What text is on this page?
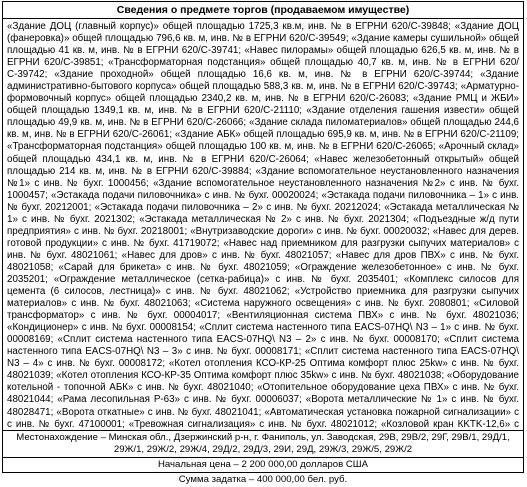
Сведения о предмете торгов (продаваемом имуществе)
«Здание ДОЦ (главный корпус)» общей площадью 1725,3 кв.м, инв. № в ЕГРНИ 620/С-39848; «Здание ДОЦ (фанеровка)» общей площадью 796,6 кв. м, инв. № в ЕГРНИ 620/С-39549; «Здание камеры сушильной» общей площадью 41 кв. м, инв. № в ЕГРНИ 620/С-39741; «Навес пилорамы» общей площадью 626,5 кв. м, инв. № в ЕГРНИ 620/С-39851; «Трансформаторная подстанция» общей площадью 40,7 кв. м, инв. № в ЕГРНИ 620/С-39742; «Здание проходной» общей площадью 16,6 кв. м, инв. № в ЕГРНИ 620/С-39744; «Здание административно-бытового корпуса» общей площадью 588,3 кв. м, инв. № в ЕГРНИ 620/С-39743; «Арматурно-формовочный корпус» общей площадью 2340,2 кв. м, инв. № в ЕГРНИ 620/С-26083; «Здание РМЦ и ЖБИ» общей площадью 1349,1 кв. м, инв. № в ЕГРНИ 620/С-21110; «Здание отделения гашения извести» общей площадью 49,9 кв. м, инв. № в ЕГРНИ 620/С-26066; «Здание склада пиломатериалов» общей площадью 244,6 кв. м, инв. № в ЕГРНИ 620/С-26061; «Здание АБК» общей площадью 695,9 кв. м, инв. № в ЕГРНИ 620/С-21109; «Трансформаторная подстанция» общей площадью 100 кв. м, инв. № в ЕГРНИ 620/С-26065; «Арочный склад» общей площадью 434,1 кв. м, инв. № в ЕГРНИ 620/С-26064; «Навес железобетонный открытый» общей площадью 214 кв. м, инв. № в ЕГРНИ 620/С-39884; «Здание вспомогательное неустановленного назначения №1» с инв. № бухг. 1000456; «Здание вспомогательное неустановленного назначения №2» с инв. № бухг. 1000457; «Эстакада подачи пиловочника» с инв. № бухг. 00020024; «Эстакада подачи пиловочника – 1» с инв. № бухг. 20212001; «Эстакада подачи пиловочника – 2» с инв. № бухг. 20212024; «Эстакада металлическая № 1» с инв. № бухг. 2021302; «Эстакада металлическая № 2» с инв. № бухг. 2021304; «Подъездные ж/д пути предприятия» с инв. № бухг. 20218001; «Внутризаводские дороги» с инв. № бухг. 00020032; «Навес для дерев. готовой продукции» с инв. № бухг. 41719072; «Навес над приемником для разгрузки сыпучих материалов» с инв. № бухг. 48021061; «Навес для дров» с инв. № бухг. 48021057; «Навес для дров ПВХ» с инв. № бухг. 48021058; «Сарай для брикета» с инв. № бухг. 48021059; «Ограждение железобетонное» с инв. № бухг. 2035201; «Ограждение металлическое (сетка-рабица)» с инв. № бухг. 2035401; «Комплекс силосов для цемента (6 силосов, лестница)» с инв. № бухг. 48021062; «Устройство приемника для разгрузки сыпучих материалов» с инв. № бухг. 48021063; «Система наружного освещения» с инв. № бухг. 2080801; «Силовой трансформатор» с инв. № бухг. 00004017; «Вентиляционная система ПВХ» с инв. № бухг. 48021036; «Кондиционер» с инв. № бухг. 00008154; «Сплит система настенного типа EACS-07HQ\ N3 – 1» с инв. № бухг. 00008169; «Сплит система настенного типа EACS-07HQ\ N3 – 2» с инв. № бухг. 00008170; «Сплит система настенного типа EACS-07HQ\ N3 – 3» с инв. № бухг. 00008171; «Сплит система настенного типа EACS-07HQ\ N3 – 4» с инв. № бухг. 00008172; «Котел отопления КСО-КР-25 Оптима комфорт плюс 25kw» с инв. № бухг. 48021039; «Котел отопления КСО-КР-35 Оптима комфорт плюс 35kw» с инв. № бухг. 48021038; «Оборудование котельной - топочной АБК» с инв. № бухг. 48021040; «Отопительное оборудование цеха ПВХ» с инв. № бухг. 48021044; «Рама лесопильная Р-63» с инв. № бухг. 00006037; «Ворота металлические № 1» с инв. № бухг. 48028471; «Ворота откатные» с инв. № бухг. 48021041; «Автоматическая установка пожарной сигнализации» с с инв. № бухг. 47100001; «Тревожная сигнализация» с инв. № бухг. 48021012; «Козловой кран КKTK-12,6» с
Местонахождение – Минская обл., Дзержинский р-н, г. Фаниполь, ул. Заводская, 29В, 29В/2, 29Г, 29В/1, 29Д/1, 29Ж/1, 29Ж/2, 29Ж/4, 29Д/2, 29Д/3, 29И, 29Д, 29Ж/3, 29Ж/5, 29Ж/2
Начальная цена – 2 200 000,00 долларов США
Сумма задатка – 400 000,00 бел. руб.
